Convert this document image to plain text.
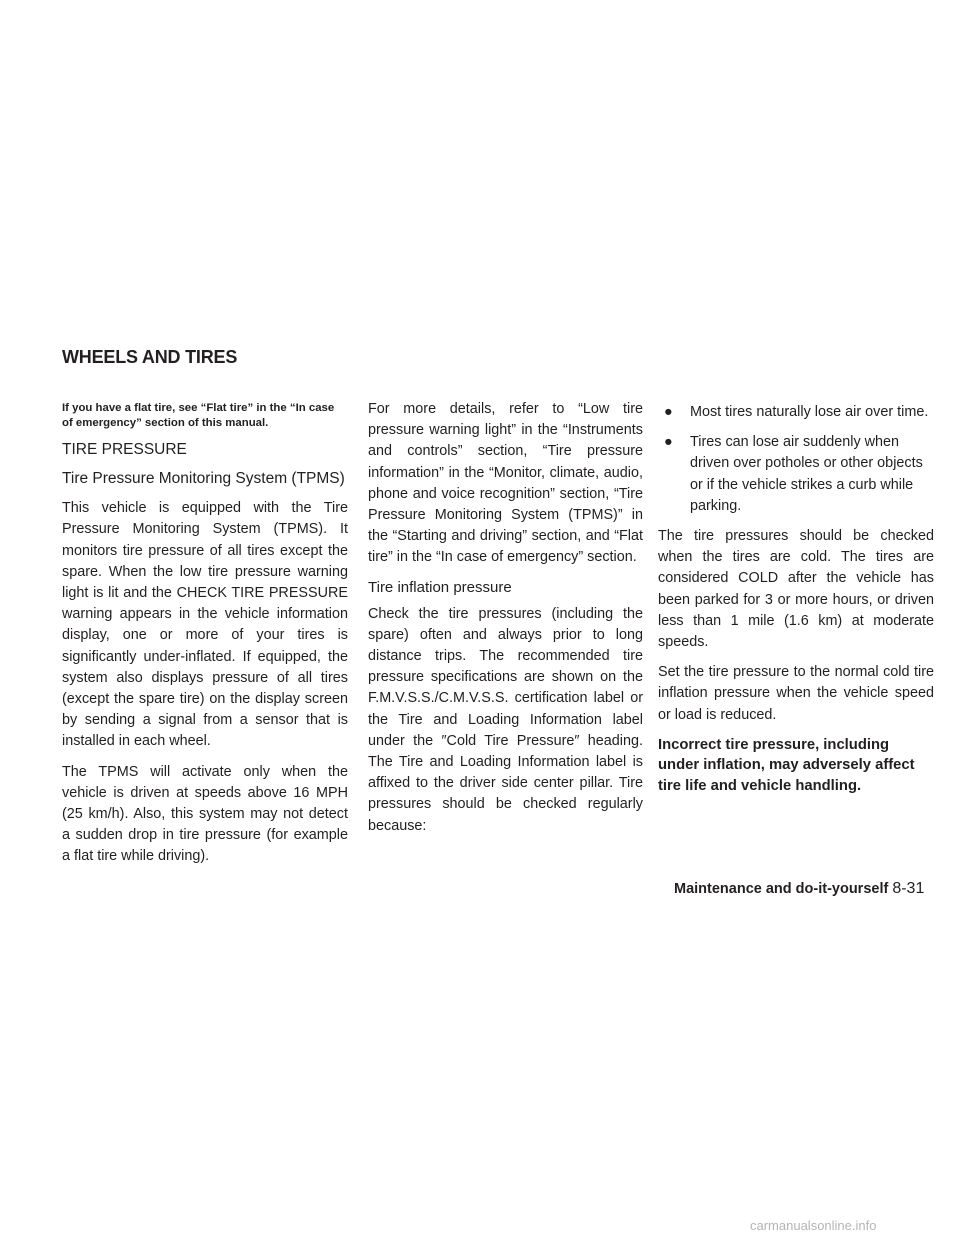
WHEELS AND TIRES

If you have a flat tire, see “Flat tire” in the “In case of emergency” section of this manual.

TIRE PRESSURE
Tire Pressure Monitoring System (TPMS)

This vehicle is equipped with the Tire Pressure Monitoring System (TPMS). It monitors tire pressure of all tires except the spare. When the low tire pressure warning light is lit and the CHECK TIRE PRESSURE warning appears in the vehicle information display, one or more of your tires is significantly under-inflated. If equipped, the system also displays pressure of all tires (except the spare tire) on the display screen by sending a signal from a sensor that is installed in each wheel.

The TPMS will activate only when the vehicle is driven at speeds above 16 MPH (25 km/h). Also, this system may not detect a sudden drop in tire pressure (for example a flat tire while driving).

For more details, refer to “Low tire pressure warning light” in the “Instruments and controls” section, “Tire pressure information” in the “Monitor, climate, audio, phone and voice recognition” section, “Tire Pressure Monitoring System (TPMS)” in the “Starting and driving” section, and “Flat tire” in the “In case of emergency” section.

Tire inflation pressure

Check the tire pressures (including the spare) often and always prior to long distance trips. The recommended tire pressure specifications are shown on the F.M.V.S.S./C.M.V.S.S. certification label or the Tire and Loading Information label under the ″Cold Tire Pressure″ heading. The Tire and Loading Information label is affixed to the driver side center pillar. Tire pressures should be checked regularly because:

● Most tires naturally lose air over time.
● Tires can lose air suddenly when driven over potholes or other objects or if the vehicle strikes a curb while parking.

The tire pressures should be checked when the tires are cold. The tires are considered COLD after the vehicle has been parked for 3 or more hours, or driven less than 1 mile (1.6 km) at moderate speeds.

Set the tire pressure to the normal cold tire inflation pressure when the vehicle speed or load is reduced.

Incorrect tire pressure, including under inflation, may adversely affect tire life and vehicle handling.

Maintenance and do-it-yourself 8-31
carmanualsonline.info
